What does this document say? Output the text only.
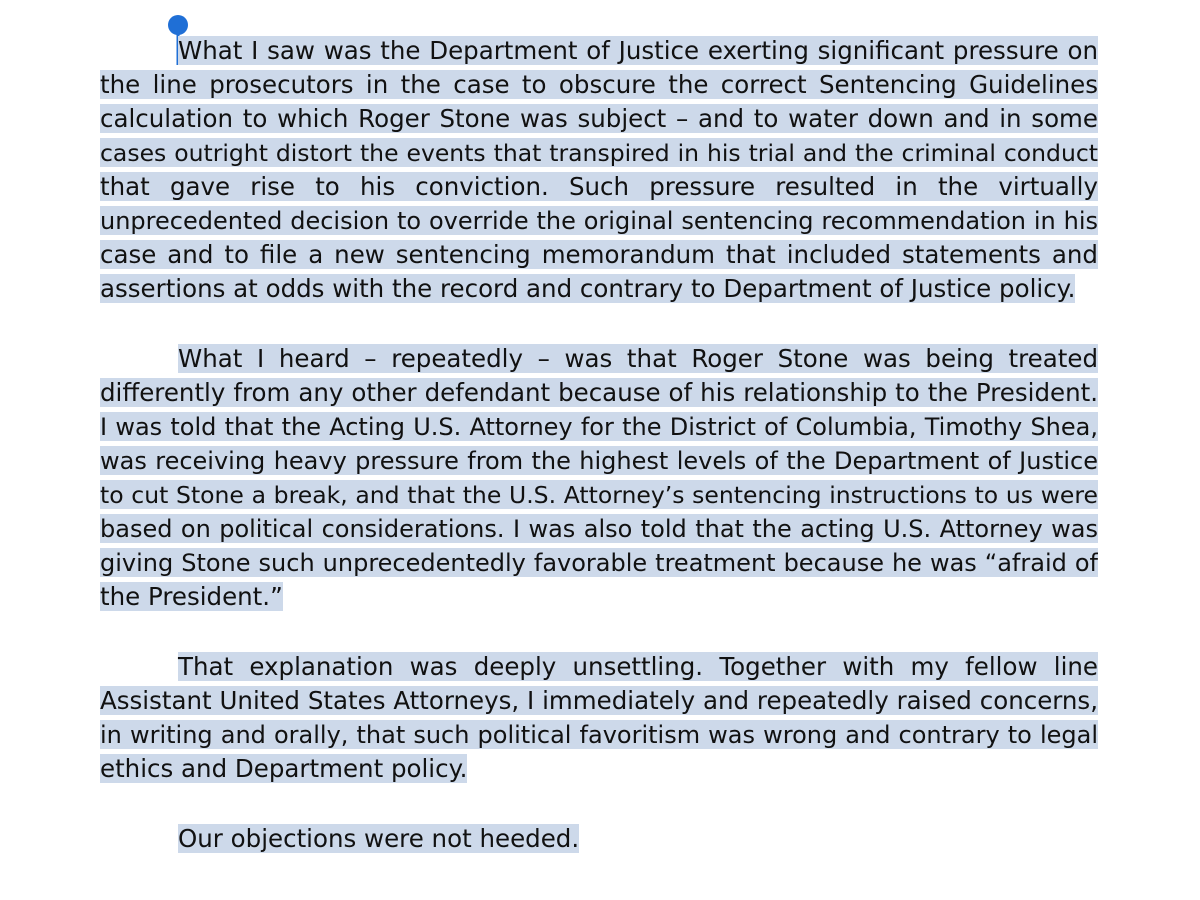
What I saw was the Department of Justice exerting significant pressure on
the line prosecutors in the case to obscure the correct Sentencing Guidelines
calculation to which Roger Stone was subject – and to water down and in some
cases outright distort the events that transpired in his trial and the criminal conduct
that gave rise to his conviction. Such pressure resulted in the virtually
unprecedented decision to override the original sentencing recommendation in his
case and to file a new sentencing memorandum that included statements and
assertions at odds with the record and contrary to Department of Justice policy.
What I heard – repeatedly – was that Roger Stone was being treated
differently from any other defendant because of his relationship to the President.
I was told that the Acting U.S. Attorney for the District of Columbia, Timothy Shea,
was receiving heavy pressure from the highest levels of the Department of Justice
to cut Stone a break, and that the U.S. Attorney’s sentencing instructions to us were
based on political considerations. I was also told that the acting U.S. Attorney was
giving Stone such unprecedentedly favorable treatment because he was “afraid of
the President.”
That explanation was deeply unsettling. Together with my fellow line
Assistant United States Attorneys, I immediately and repeatedly raised concerns,
in writing and orally, that such political favoritism was wrong and contrary to legal
ethics and Department policy.
Our objections were not heeded.
